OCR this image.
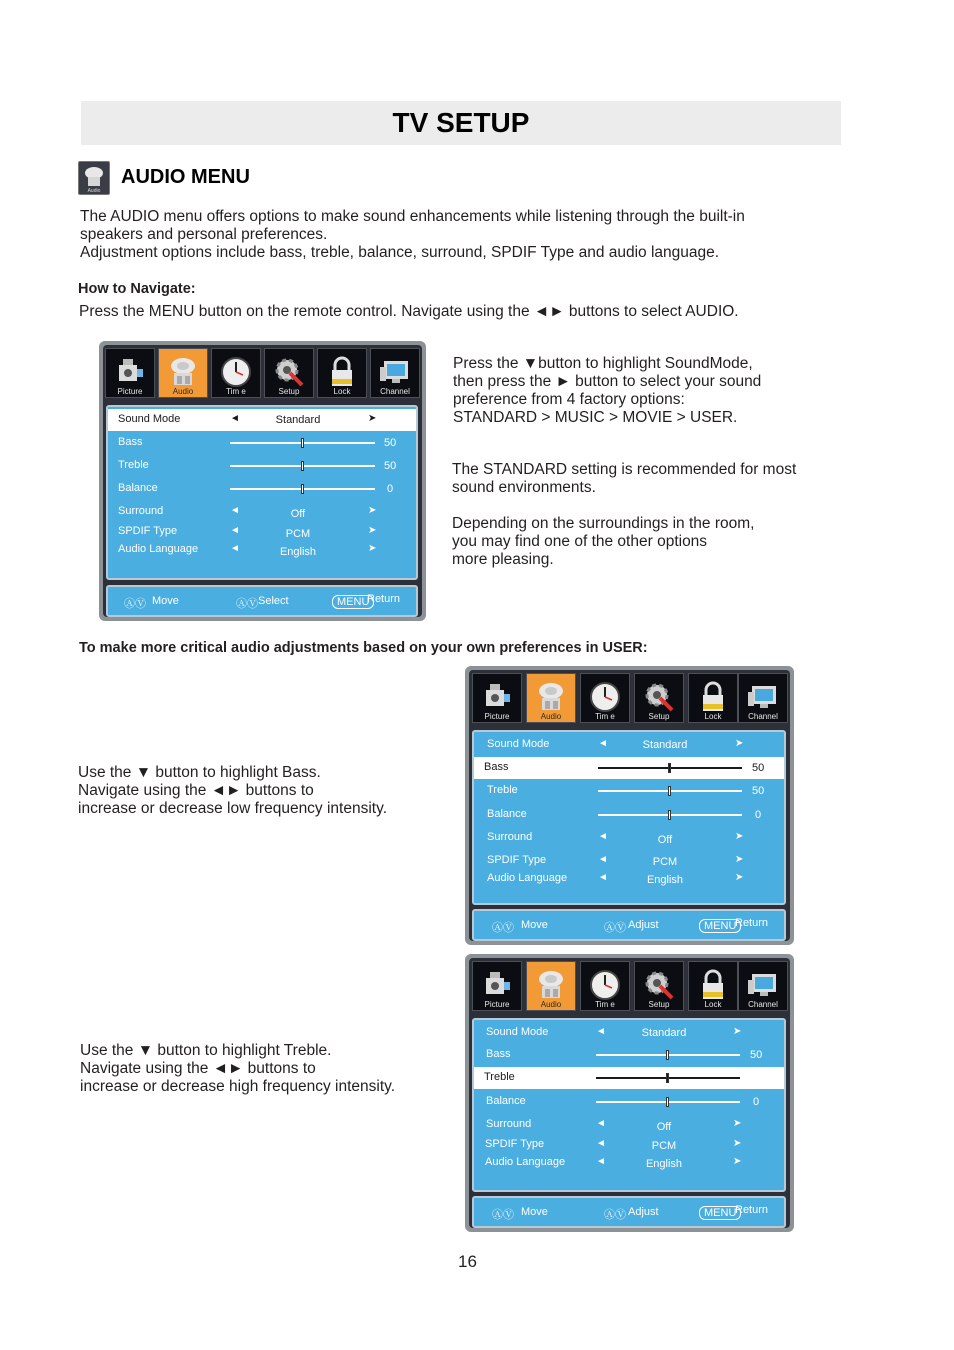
TV SETUP
Audio
AUDIO MENU
The AUDIO menu offers options to make sound enhancements while listening through the built-in
speakers and personal preferences.
Adjustment options include bass, treble, balance, surround, SPDIF Type and audio language.
How to Navigate:
Press the MENU button on the remote control. Navigate using the ◄► buttons to select AUDIO.
Press the ▼button to highlight SoundMode,
then press the ► button to select your sound
preference from 4 factory options:
STANDARD > MUSIC > MOVIE > USER.
The STANDARD setting is recommended for most
sound environments.
Depending on the surroundings in the room,
you may find one of the other options
more pleasing.
To make more critical audio adjustments based on your own preferences in USER:
Use the ▼ button to highlight Bass.
Navigate using the ◄► buttons to
increase or decrease low frequency intensity.
Use the ▼ button to highlight Treble.
Navigate using the ◄► buttons to
increase or decrease high frequency intensity.
16
Picture	Audio	Tim e	Setup	Lock	Channel
Sound Mode	◄	Standard	➤
Bass	50
Treble	50
Balance	0
Surround	◄	Off	➤
SPDIF Type	◄	PCM	➤
Audio Language	◄	English	➤
ⒶⓋ Move	ⒶⓋ Select	MENU
Return
Picture	Audio	Tim e	Setup	Lock	Channel
Sound Mode	◄	Standard	➤
Bass	50
Treble	50
Balance	0
Surround	◄	Off	➤
SPDIF Type	◄	PCM	➤
Audio Language	◄	English	➤
ⒶⓋ Move	ⒶⓋ Adjust	MENU
Return
Picture	Audio	Tim e	Setup	Lock	Channel
Sound Mode	◄	Standard	➤
Bass	50
Treble
Balance	0
Surround	◄	Off	➤
SPDIF Type	◄	PCM	➤
Audio Language	◄	English	➤
ⒶⓋ Move	ⒶⓋ Adjust	MENU
Return
